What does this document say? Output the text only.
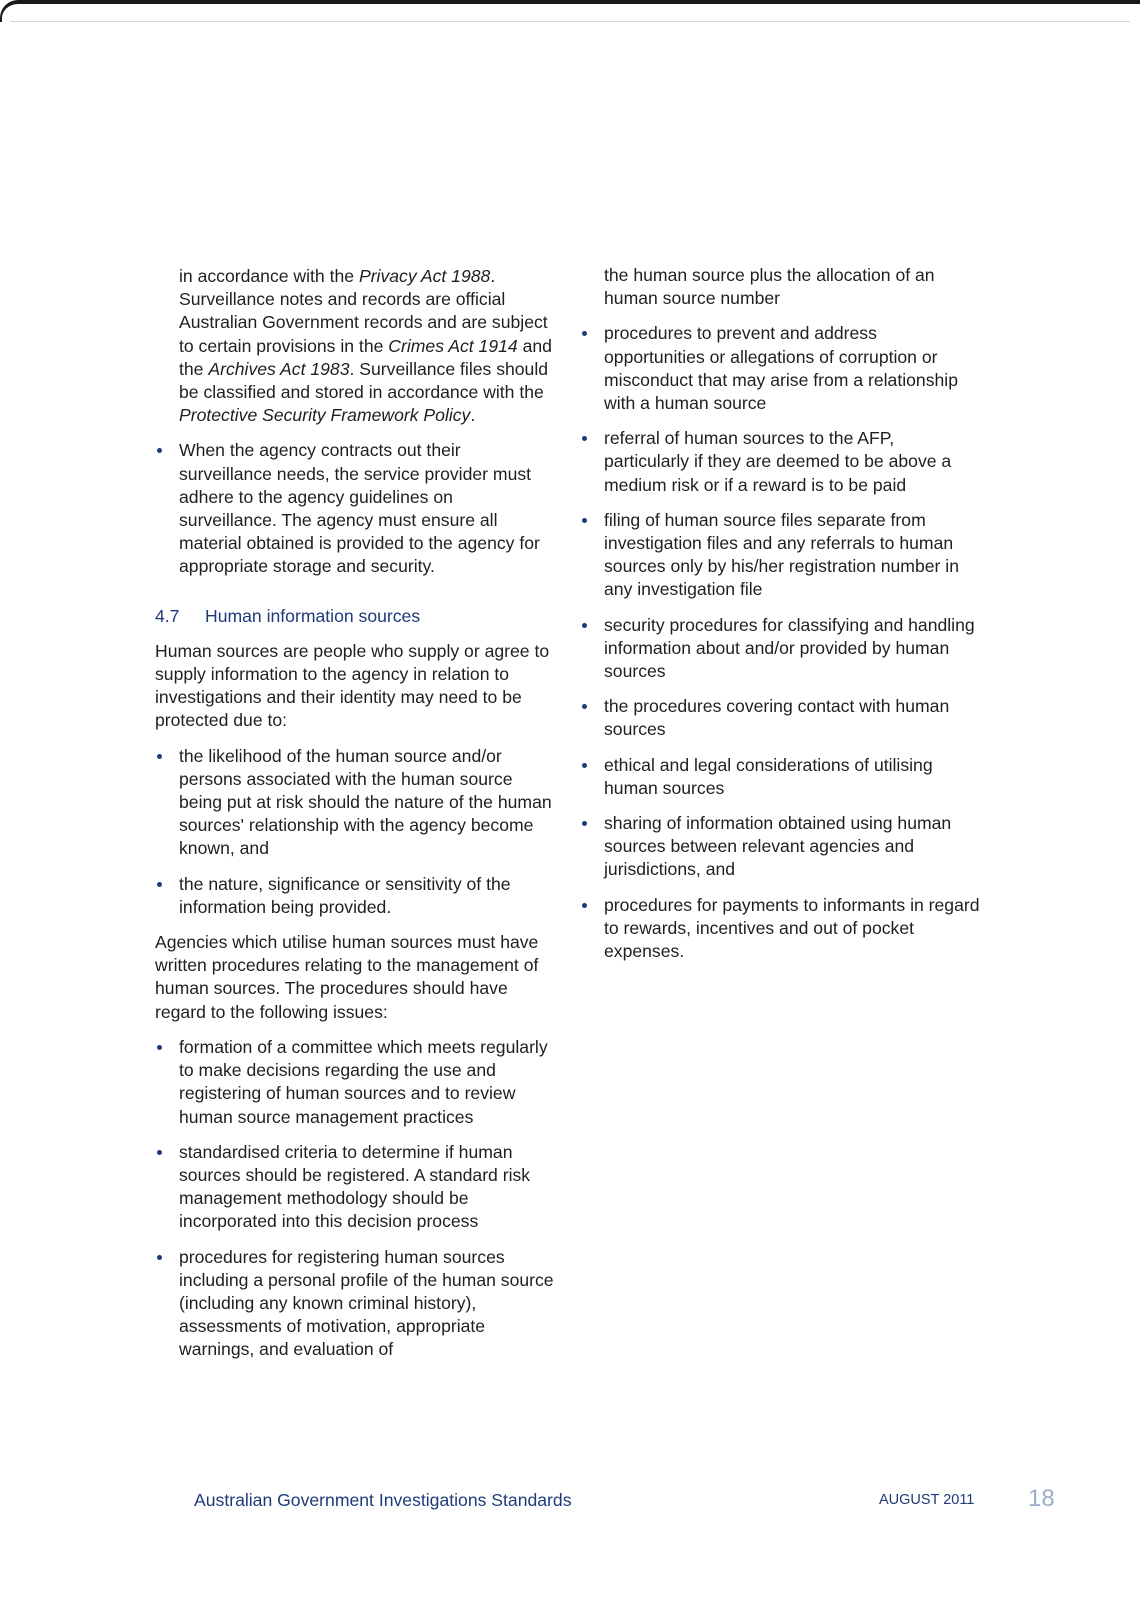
in accordance with the Privacy Act 1988. Surveillance notes and records are official Australian Government records and are subject to certain provisions in the Crimes Act 1914 and the Archives Act 1983. Surveillance files should be classified and stored in accordance with the Protective Security Framework Policy.

When the agency contracts out their surveillance needs, the service provider must adhere to the agency guidelines on surveillance. The agency must ensure all material obtained is provided to the agency for appropriate storage and security.
4.7 Human information sources

Human sources are people who supply or agree to supply information to the agency in relation to investigations and their identity may need to be protected due to:

the likelihood of the human source and/or persons associated with the human source being put at risk should the nature of the human sources' relationship with the agency become known, and
the nature, significance or sensitivity of the information being provided.

Agencies which utilise human sources must have written procedures relating to the management of human sources. The procedures should have regard to the following issues:

formation of a committee which meets regularly to make decisions regarding the use and registering of human sources and to review human source management practices
standardised criteria to determine if human sources should be registered. A standard risk management methodology should be incorporated into this decision process
procedures for registering human sources including a personal profile of the human source (including any known criminal history), assessments of motivation, appropriate warnings, and evaluation of

the human source plus the allocation of an human source number

procedures to prevent and address opportunities or allegations of corruption or misconduct that may arise from a relationship with a human source
referral of human sources to the AFP, particularly if they are deemed to be above a medium risk or if a reward is to be paid
filing of human source files separate from investigation files and any referrals to human sources only by his/her registration number in any investigation file
security procedures for classifying and handling information about and/or provided by human sources
the procedures covering contact with human sources
ethical and legal considerations of utilising human sources
sharing of information obtained using human sources between relevant agencies and jurisdictions, and
procedures for payments to informants in regard to rewards, incentives and out of pocket expenses.
Australian Government Investigations Standards	AUGUST 2011 18
